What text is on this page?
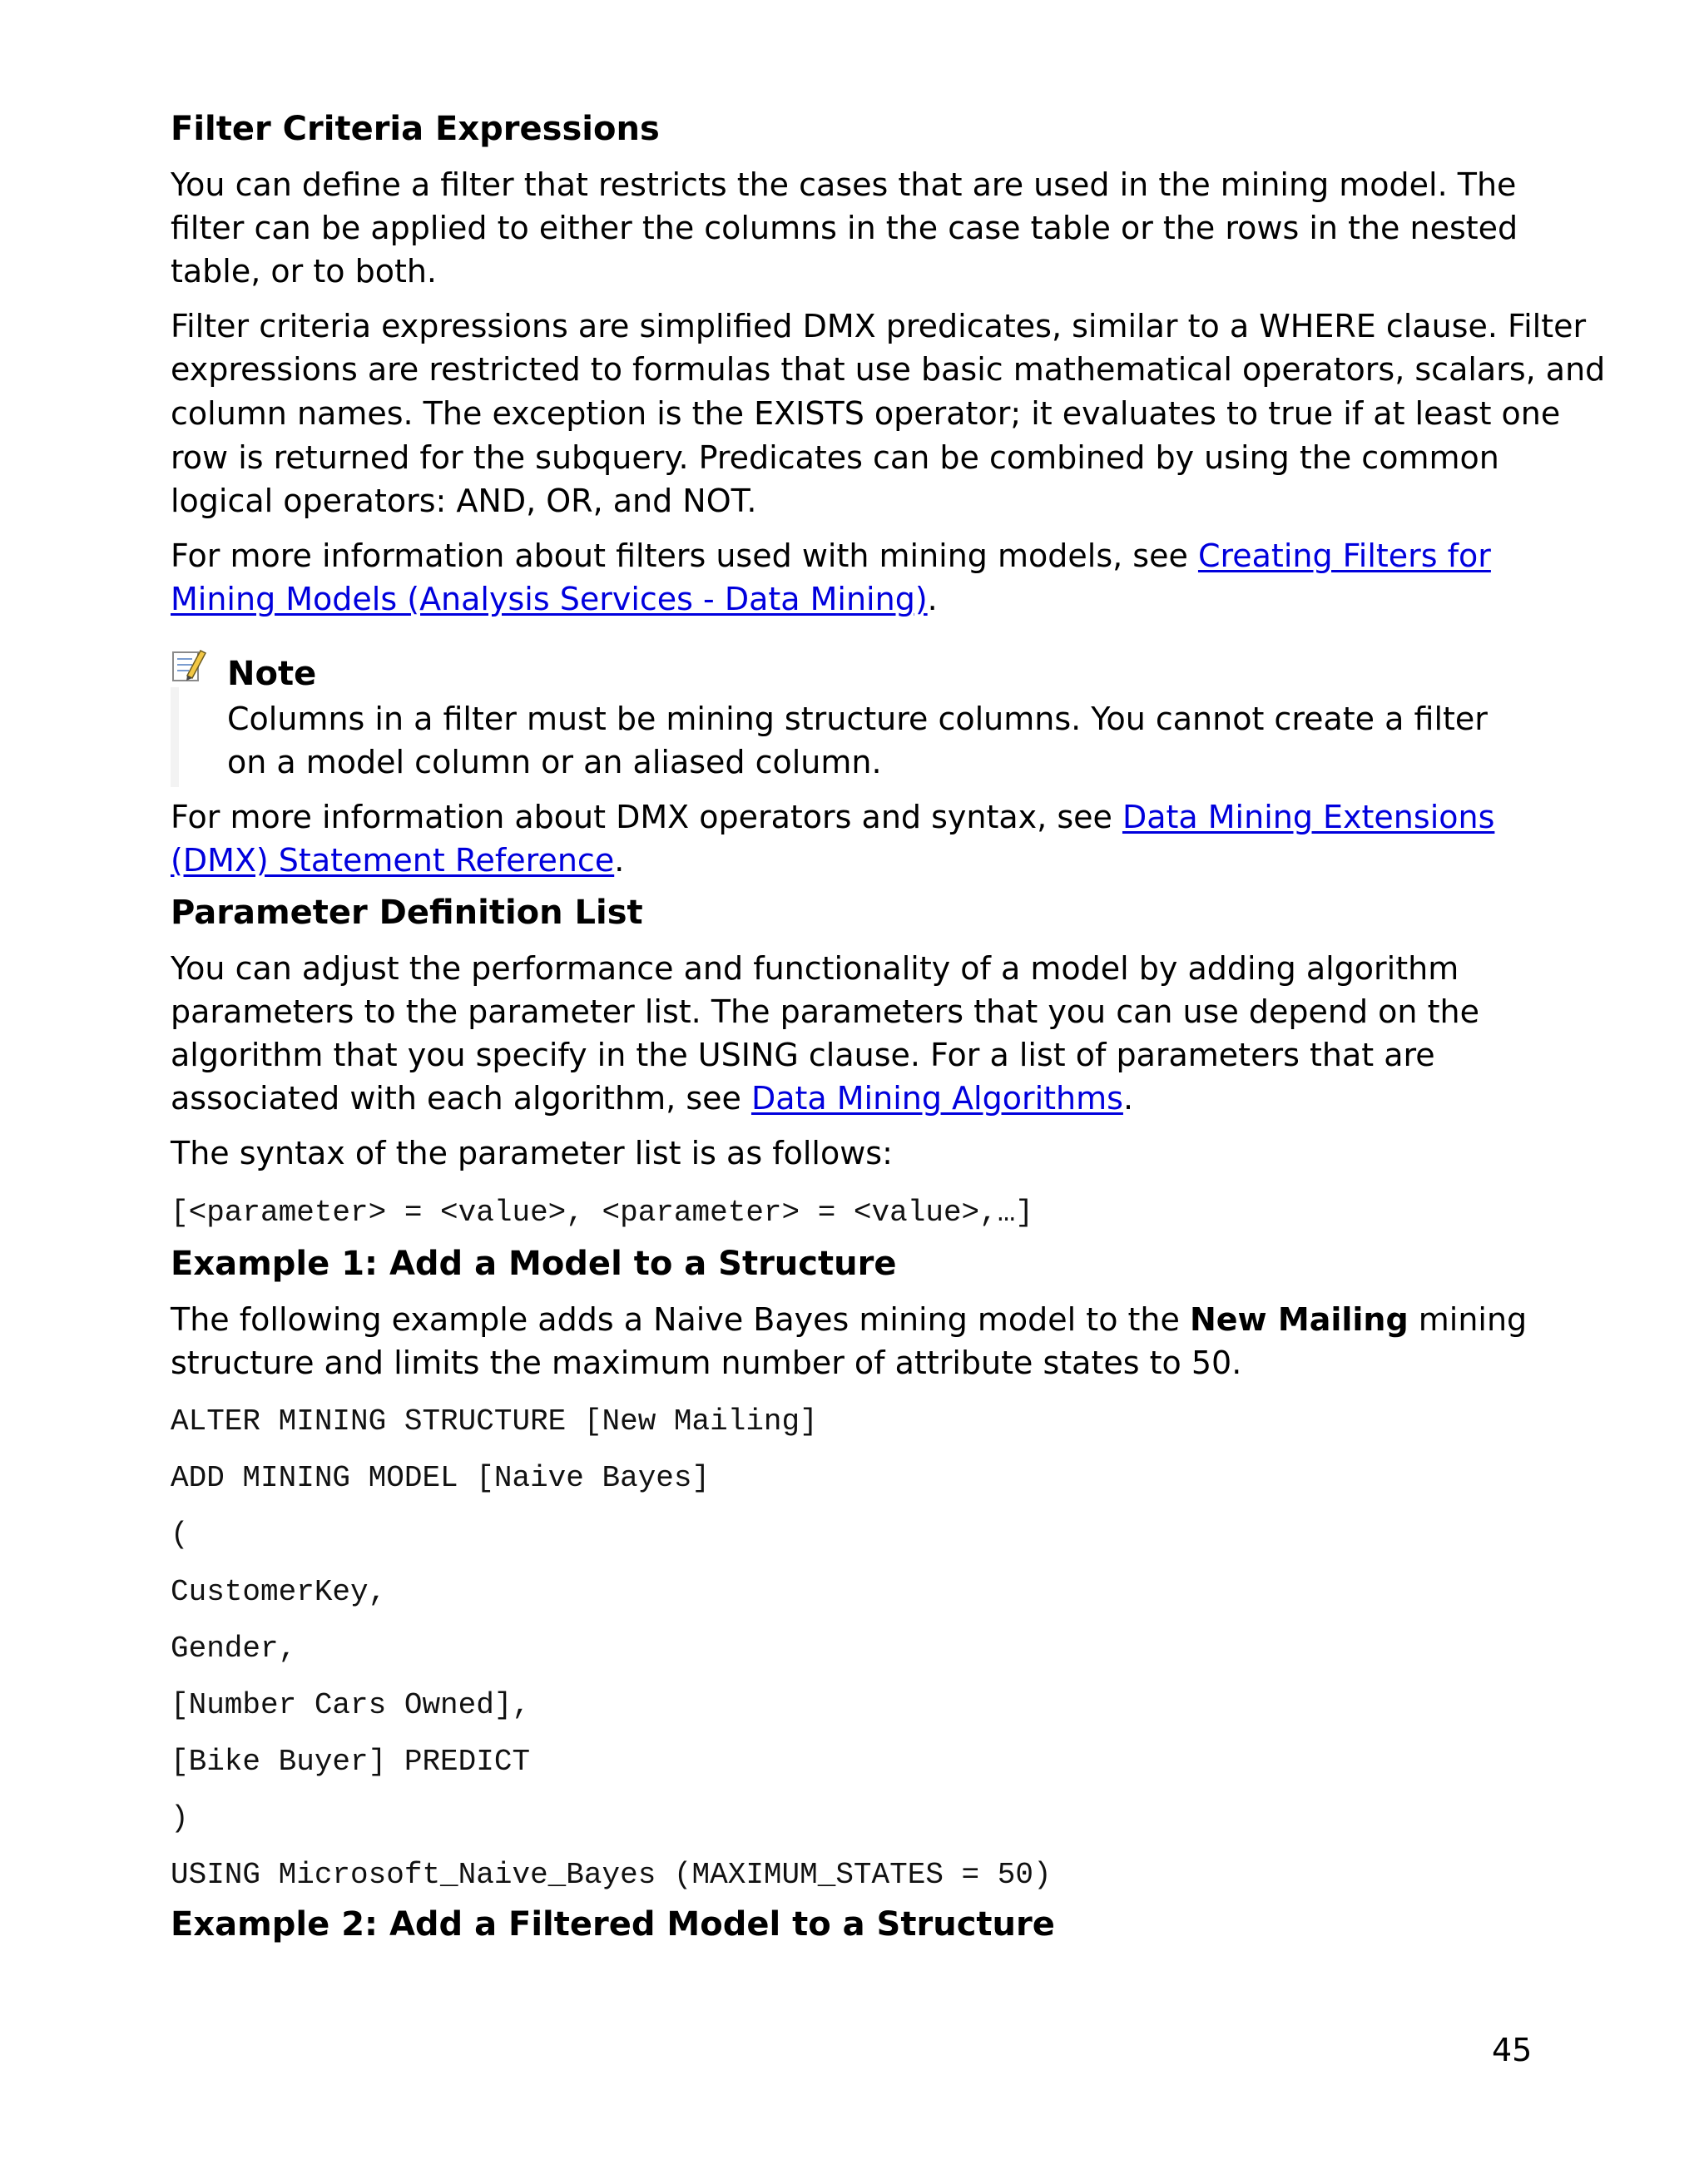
Filter Criteria Expressions

You can define a filter that restricts the cases that are used in the mining model. The

filter can be applied to either the columns in the case table or the rows in the nested

table, or to both.

Filter criteria expressions are simplified DMX predicates, similar to a WHERE clause. Filter

expressions are restricted to formulas that use basic mathematical operators, scalars, and

column names. The exception is the EXISTS operator; it evaluates to true if at least one

row is returned for the subquery. Predicates can be combined by using the common

logical operators: AND, OR, and NOT.

For more information about filters used with mining models, see Creating Filters for

Mining Models (Analysis Services - Data Mining).

Note

Columns in a filter must be mining structure columns. You cannot create a filter

on a model column or an aliased column.

For more information about DMX operators and syntax, see Data Mining Extensions

(DMX) Statement Reference.

Parameter Definition List

You can adjust the performance and functionality of a model by adding algorithm

parameters to the parameter list. The parameters that you can use depend on the

algorithm that you specify in the USING clause. For a list of parameters that are

associated with each algorithm, see Data Mining Algorithms.

The syntax of the parameter list is as follows:

[<parameter> = <value>, <parameter> = <value>,…]
Example 1: Add a Model to a Structure

The following example adds a Naive Bayes mining model to the New Mailing mining

structure and limits the maximum number of attribute states to 50.

ALTER MINING STRUCTURE [New Mailing]
ADD MINING MODEL [Naive Bayes]
(
CustomerKey,
Gender,
[Number Cars Owned],
[Bike Buyer] PREDICT
)
USING Microsoft_Naive_Bayes (MAXIMUM_STATES = 50)
Example 2: Add a Filtered Model to a Structure
45
